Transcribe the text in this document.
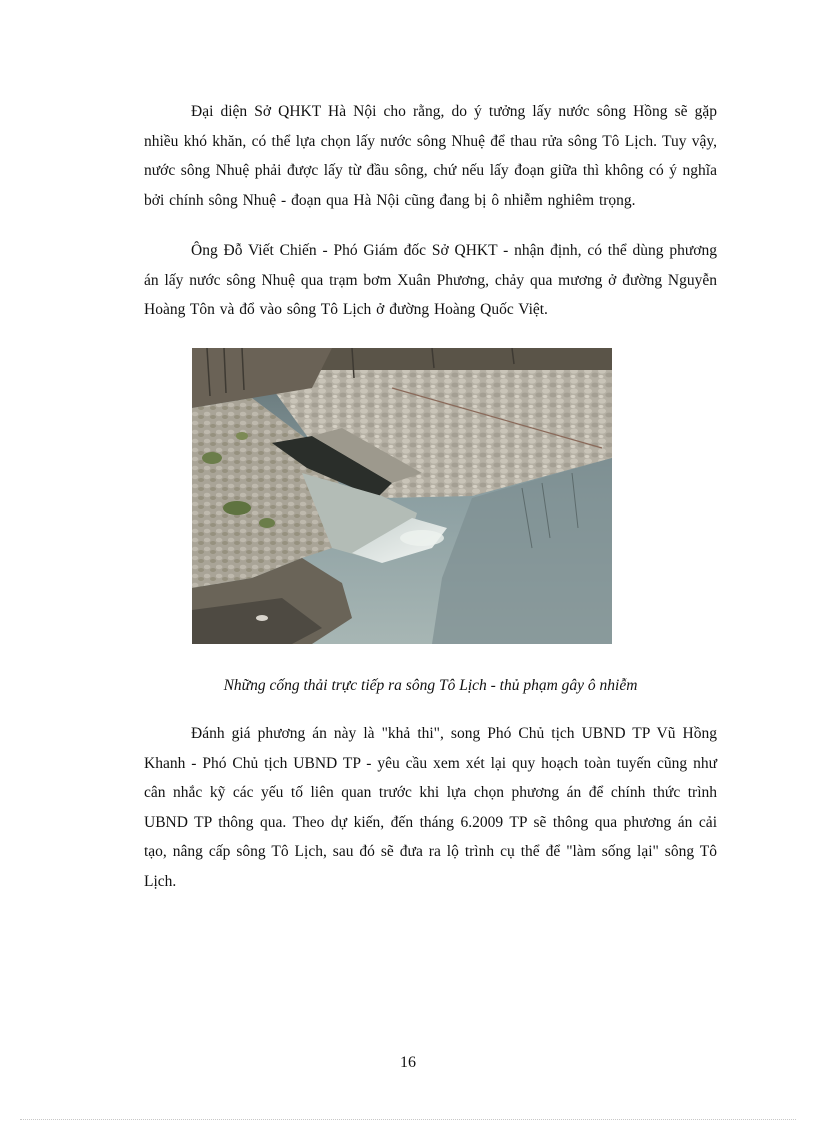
Đại diện Sở QHKT Hà Nội cho rằng, do ý tưởng lấy nước sông Hồng sẽ gặp nhiều khó khăn, có thể lựa chọn lấy nước sông Nhuệ để thau rửa sông Tô Lịch. Tuy vậy, nước sông Nhuệ phải được lấy từ đầu sông, chứ nếu lấy đoạn giữa thì không có ý nghĩa bởi chính sông Nhuệ - đoạn qua Hà Nội cũng đang bị ô nhiễm nghiêm trọng.

Ông Đỗ Viết Chiến - Phó Giám đốc Sở QHKT - nhận định, có thể dùng phương án lấy nước sông Nhuệ qua trạm bơm Xuân Phương, chảy qua mương ở đường Nguyễn Hoàng Tôn và đổ vào sông Tô Lịch ở đường Hoàng Quốc Việt.

Những cống thải trực tiếp ra sông Tô Lịch - thủ phạm gây ô nhiễm

Đánh giá phương án này là "khả thi", song Phó Chủ tịch UBND TP Vũ Hồng Khanh - Phó Chủ tịch UBND TP - yêu cầu xem xét lại quy hoạch toàn tuyến cũng như cân nhắc kỹ các yếu tố liên quan trước khi lựa chọn phương án để chính thức trình UBND TP thông qua. Theo dự kiến, đến tháng 6.2009 TP sẽ thông qua phương án cải tạo, nâng cấp sông Tô Lịch, sau đó sẽ đưa ra lộ trình cụ thể để "làm sống lại" sông Tô Lịch.

16
